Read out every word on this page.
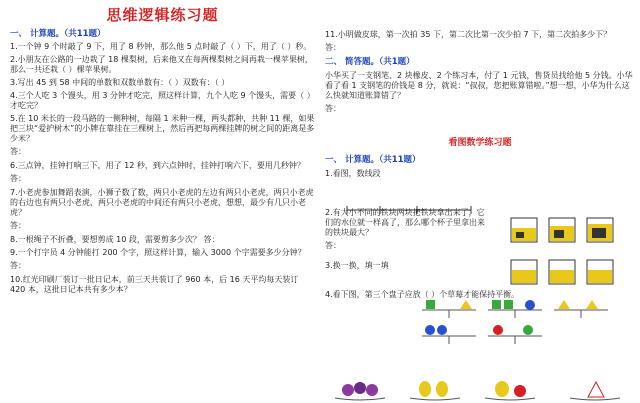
思维逻辑练习题
一、 计算题。（共11题）
1.一个钟 9 个时敲了 9 下，用了 8 秒钟，那么他 5 点时敲了（ ）下，用了（ ）秒。
2.小朋友在公路的一边栽了 18 棵梨树，后来他又在每两棵梨树之间再栽一棵苹果树，那么一共还栽（ ）棵苹果树。
3.写出 45 到 58 中间的单数和双数单数有：（ ）双数有：（ ）
4.三个人吃 3 个馒头，用 3 分钟才吃完，照这样计算，九个人吃 9 个馒头，需要（ ）才吃完？
5.在 10 米长的一段马路的一侧种树，每隔 1 米种一棵，两头都种，共种 11 棵，如果把三块“爱护树木”的小牌在靠挂在三棵树上，然后再把每两棵挂牌的树之间的距离是多少米？
答：
6.三点钟，挂钟打响三下，用了 12 秒，到六点钟时，挂钟打响六下，要用几秒钟？
答：
7.小老虎参加舞蹈表演，小狮子数了数，两只小老虎的左边有两只小老虎，两只小老虎的右边也有两只小老虎，两只小老虎的中间还有两只小老虎，想想，最少有几只小老虎？
答：
8.一根绳子不折叠，要想剪成 10 段，需要剪多少次？ 答：
9.一个打字员 4 分钟能打 200 个字，照这样计算，输入 3000 个字需要多少分钟？
答：
10.红光印刷厂装订一批日记本，前三天共装订了 960 本，后 16 天平均每天装订 420 本，这批日记本共有多少本？
11.小明做皮球，第一次拍 35 下，第二次比第一次少拍 7 下，第二次拍多少下？
答：
二、 简答题。（共1题）
小华买了一支钢笔、2 块橡皮、2 个练习本，付了 1 元钱，售货员找给他 5 分钱。小华看了看 1 支钢笔的价钱是 8 分，就说：“叔叔，您把账算错啦。”想一想，小华为什么这么快就知道账算错了？
答：
看图数学练习题
一、 计算题。（共11题）
1.看图，数线段
2.有大小不同的铁块两块把铁块拿出来了，它们的水位就一样高了，那么哪个杯子里拿出来的铁块最大？
答：
3.换一换，填一填
4.看下图，第三个盘子应放（ ）个草莓才能保持平衡。
